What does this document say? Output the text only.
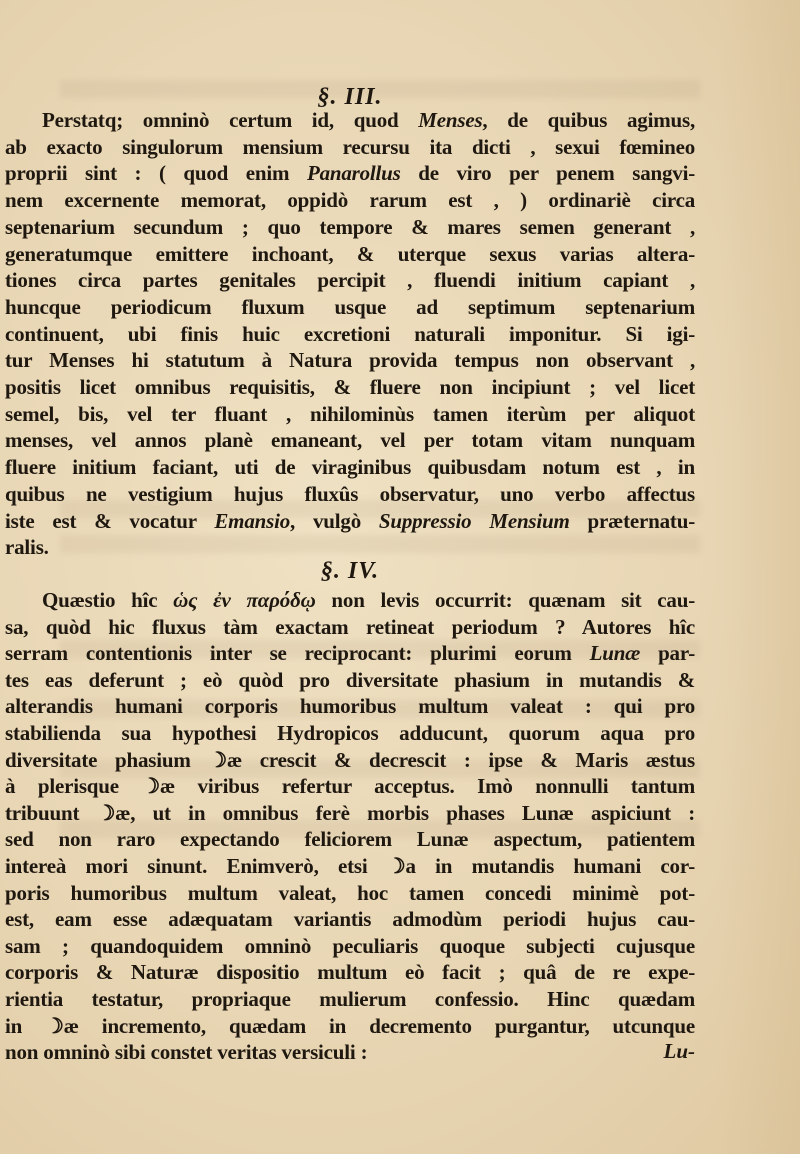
§. III.
Perstatq; omninò certum id, quod Menses, de quibus agimus,
ab exacto singulorum mensium recursu ita dicti , sexui fœmineo
proprii sint : ( quod enim Panarollus de viro per penem sangvi-
nem excernente memorat, oppidò rarum est , ) ordinariè circa
septenarium secundum ; quo tempore & mares semen generant ,
generatumque emittere inchoant, & uterque sexus varias altera-
tiones circa partes genitales percipit , fluendi initium capiant ,
huncque periodicum fluxum usque ad septimum septenarium
continuent, ubi finis huic excretioni naturali imponitur. Si igi-
tur Menses hi statutum à Natura provida tempus non observant ,
positis licet omnibus requisitis, & fluere non incipiunt ; vel licet
semel, bis, vel ter fluant , nihilominùs tamen iterùm per aliquot
menses, vel annos planè emaneant, vel per totam vitam nunquam
fluere initium faciant, uti de viraginibus quibusdam notum est , in
quibus ne vestigium hujus fluxûs observatur, uno verbo affectus
iste est & vocatur Emansio, vulgò Suppressio Mensium præternatu-
ralis.
§. IV.
Quæstio hîc ὡς ἐν παρόδῳ non levis occurrit: quænam sit cau-
sa, quòd hic fluxus tàm exactam retineat periodum ? Autores hîc
serram contentionis inter se reciprocant: plurimi eorum Lunæ par-
tes eas deferunt ; eò quòd pro diversitate phasium in mutandis &
alterandis humani corporis humoribus multum valeat : qui pro
stabilienda sua hypothesi Hydropicos adducunt, quorum aqua pro
diversitate phasium ☽æ crescit & decrescit : ipse & Maris æstus
à plerisque ☽æ viribus refertur acceptus. Imò nonnulli tantum
tribuunt ☽æ, ut in omnibus ferè morbis phases Lunæ aspiciunt :
sed non raro expectando feliciorem Lunæ aspectum, patientem
intereà mori sinunt. Enimverò, etsi ☽a in mutandis humani cor-
poris humoribus multum valeat, hoc tamen concedi minimè pot-
est, eam esse adæquatam variantis admodùm periodi hujus cau-
sam ; quandoquidem omninò peculiaris quoque subjecti cujusque
corporis & Naturæ dispositio multum eò facit ; quâ de re expe-
rientia testatur, propriaque mulierum confessio. Hinc quædam
in ☽æ incremento, quædam in decremento purgantur, utcunque
non omninò sibi constet veritas versiculi :	Lu-
